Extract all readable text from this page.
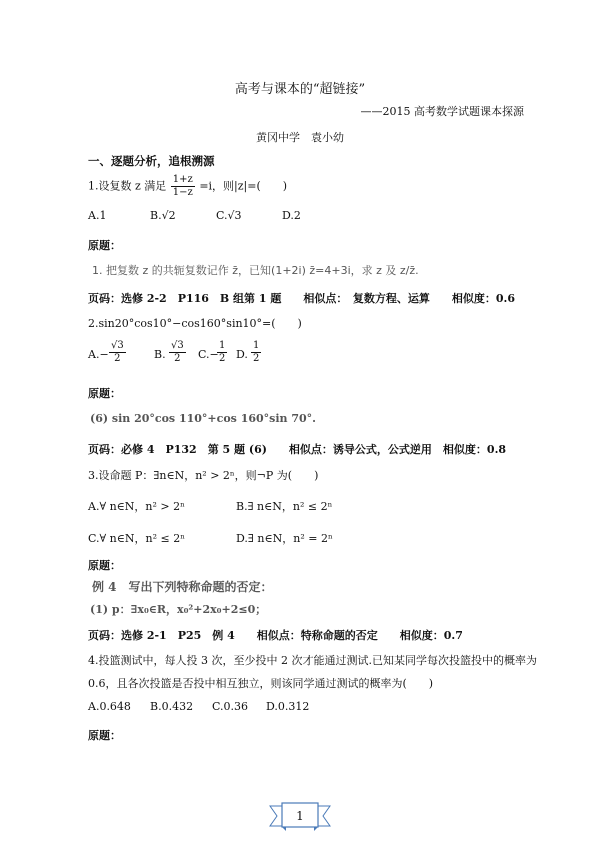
高考与课本的“超链接”
——2015 高考数学试题课本探源
黄冈中学　袁小幼
一、逐题分析，追根溯源
1.设复数 z 满足 $\frac{1+z}{1-z} =i$，则|z|=(　　)
A.1	B.√2	C.√3	D.2
原题：
1. 把复数 z 的共轭复数记作 z̄，已知(1+2i) z̄=4+3i，求 z 及 z/z̄.
页码：选修 2-2　P116　B 组第 1 题　　相似点：　复数方程、运算　　相似度：0.6
2.sin20°cos10°−cos160°sin10°=(　　)
$A.- \frac{√3}{2}$	B. $\frac{√3}{2} C.-$
$\frac{1}{2} D$. $\frac{1}{2}$
原题：
(6) sin 20°cos 110°+cos 160°sin 70°.
页码：必修 4　P132　第 5 题 (6)　　相似点：诱导公式，公式逆用　相似度：0.8
3.设命题 P：∃n∈N，n² > 2ⁿ，则¬P 为(　　)
A.∀ n∈N，n² > 2ⁿ	B.∃ n∈N，n² ≤ 2ⁿ
C.∀ n∈N，n² ≤ 2ⁿ	D.∃ n∈N，n² = 2ⁿ
原题：
例 4　写出下列特称命题的否定：
(1) p：∃x₀∈R，x₀²+2x₀+2≤0；
页码：选修 2-1　P25　例 4　　相似点：特称命题的否定　　相似度：0.7
4.投篮测试中，每人投 3 次，至少投中 2 次才能通过测试.已知某同学每次投篮投中的概率为
0.6，且各次投篮是否投中相互独立，则该同学通过测试的概率为(　　)
A.0.648 B.0.432 C.0.36 D.0.312
原题：
1
